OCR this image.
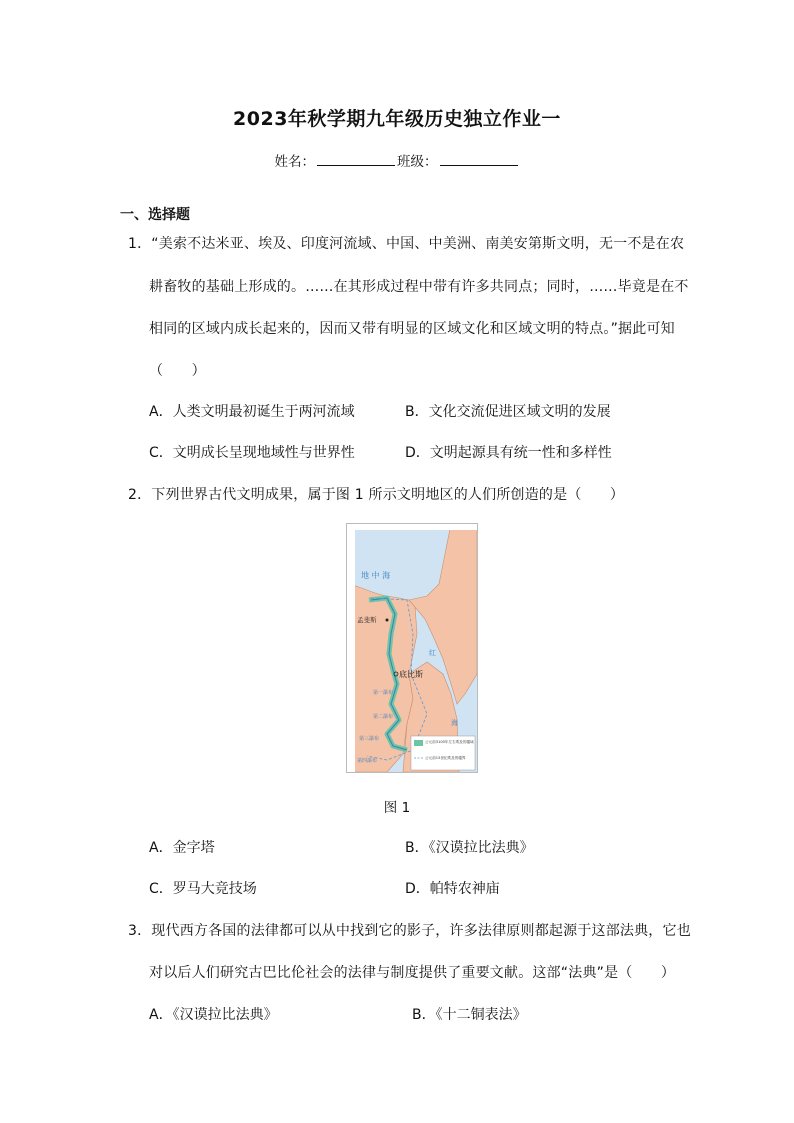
2023年秋学期九年级历史独立作业一
姓名：	班级：
一、选择题
1．“美索不达米亚、埃及、印度河流域、中国、中美洲、南美安第斯文明，无一不是在农
耕畜牧的基础上形成的。……在其形成过程中带有许多共同点；同时，……毕竟是在不
相同的区域内成长起来的，因而又带有明显的区域文化和区域文明的特点。”据此可知
（　　）
A．人类文明最初诞生于两河流域	B．文化交流促进区域文明的发展
C．文明成长呈现地域性与世界性	D．文明起源具有统一性和多样性
2．下列世界古代文明成果，属于图 1 所示文明地区的人们所创造的是（　　）
地 中 海
孟斐斯
底比斯
红
海
第一瀑布
第二瀑布
第三瀑布
第四瀑布
公元前3100年左右埃及的疆域
公元前15世纪埃及的疆界
图 1
A．金字塔	B．《汉谟拉比法典》
C．罗马大竞技场	D．帕特农神庙
3．现代西方各国的法律都可以从中找到它的影子，许多法律原则都起源于这部法典，它也
对以后人们研究古巴比伦社会的法律与制度提供了重要文献。这部“法典”是（　　）
A．《汉谟拉比法典》	B．《十二铜表法》
